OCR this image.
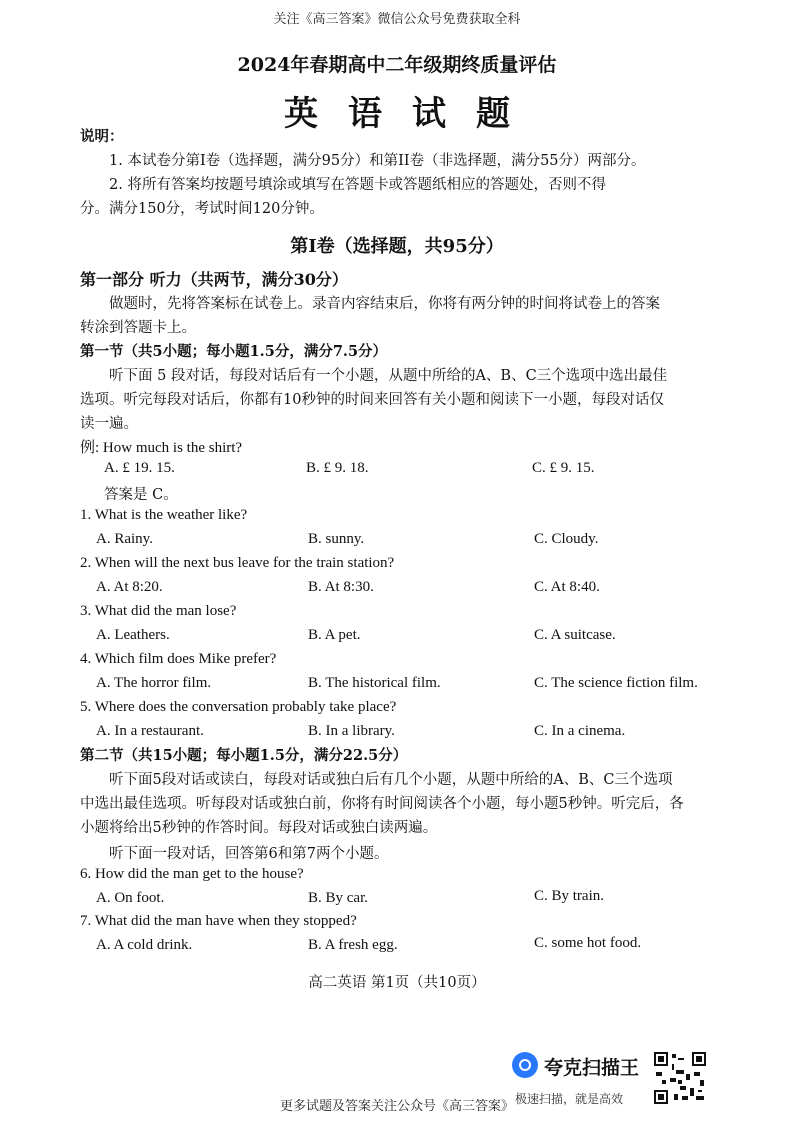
关注《高三答案》微信公众号免费获取全科
2024年春期高中二年级期终质量评估
英语试题
说明：
1. 本试卷分第I卷（选择题，满分95分）和第II卷（非选择题，满分55分）两部分。
2. 将所有答案均按题号填涂或填写在答题卡或答题纸相应的答题处，否则不得
分。满分150分，考试时间120分钟。
第I卷（选择题，共95分）
第一部分 听力（共两节，满分30分）
做题时，先将答案标在试卷上。录音内容结束后，你将有两分钟的时间将试卷上的答案
转涂到答题卡上。
第一节（共5小题；每小题1.5分，满分7.5分）
听下面 5 段对话，每段对话后有一个小题，从题中所给的A、B、C三个选项中选出最佳
选项。听完每段对话后，你都有10秒钟的时间来回答有关小题和阅读下一小题，每段对话仅
读一遍。
例: How much is the shirt?
A. £ 19. 15.	B. £ 9. 18.	C. £ 9. 15.
答案是 C。
1. What is the weather like?
A. Rainy.	B. sunny.	C. Cloudy.
2. When will the next bus leave for the train station?
A. At 8:20.	B. At 8:30.	C. At 8:40.
3. What did the man lose?
A. Leathers.	B. A pet.	C. A suitcase.
4. Which film does Mike prefer?
A. The horror film.	B. The historical film.	C. The science fiction film.
5. Where does the conversation probably take place?
A. In a restaurant.	B. In a library.	C. In a cinema.
第二节（共15小题；每小题1.5分，满分22.5分）
听下面5段对话或读白，每段对话或独白后有几个小题，从题中所给的A、B、C三个选项
中选出最佳选项。听每段对话或独白前，你将有时间阅读各个小题，每小题5秒钟。听完后，各
小题将给出5秒钟的作答时间。每段对话或独白读两遍。
听下面一段对话，回答第6和第7两个小题。
6. How did the man get to the house?
A. On foot.	B. By car.	C. By train.
7. What did the man have when they stopped?
A. A cold drink.	B. A fresh egg.	C. some hot food.
高二英语 第1页（共10页）
夸克扫描王
极速扫描，就是高效
更多试题及答案关注公众号《高三答案》
